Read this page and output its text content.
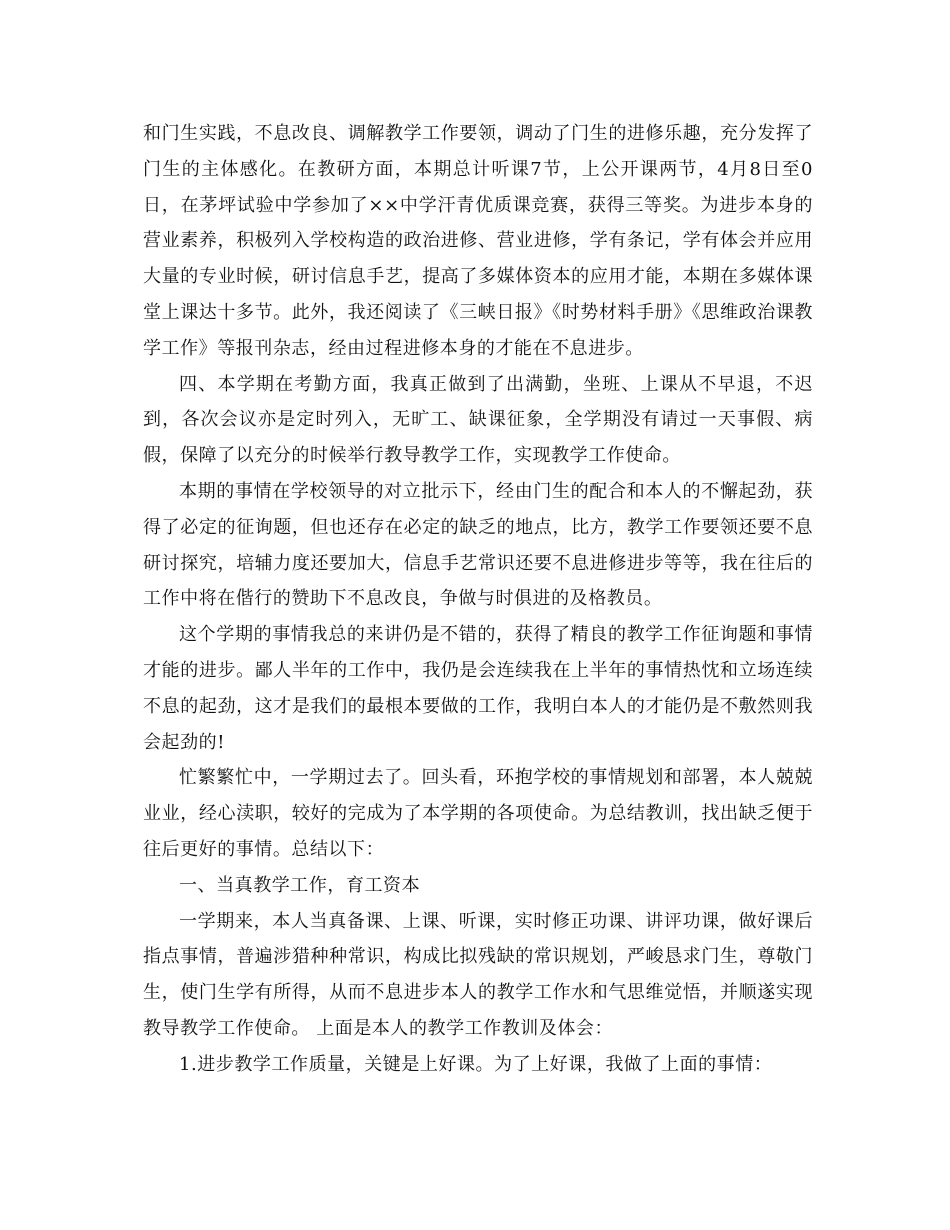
和门生实践，不息改良、调解教学工作要领，调动了门生的进修乐趣，充分发挥了门生的主体感化。在教研方面，本期总计听课7节，上公开课两节，4月8日至0日，在茅坪试验中学参加了××中学汗青优质课竞赛，获得三等奖。为进步本身的营业素养，积极列入学校构造的政治进修、营业进修，学有条记，学有体会并应用大量的专业时候，研讨信息手艺，提高了多媒体资本的应用才能，本期在多媒体课堂上课达十多节。此外，我还阅读了《三峡日报》《时势材料手册》《思维政治课教学工作》等报刊杂志，经由过程进修本身的才能在不息进步。

四、本学期在考勤方面，我真正做到了出满勤，坐班、上课从不早退，不迟到，各次会议亦是定时列入，无旷工、缺课征象，全学期没有请过一天事假、病假，保障了以充分的时候举行教导教学工作，实现教学工作使命。

本期的事情在学校领导的对立批示下，经由门生的配合和本人的不懈起劲，获得了必定的征询题，但也还存在必定的缺乏的地点，比方，教学工作要领还要不息研讨探究，培辅力度还要加大，信息手艺常识还要不息进修进步等等，我在往后的工作中将在偕行的赞助下不息改良，争做与时俱进的及格教员。

这个学期的事情我总的来讲仍是不错的，获得了精良的教学工作征询题和事情才能的进步。鄙人半年的工作中，我仍是会连续我在上半年的事情热忱和立场连续不息的起劲，这才是我们的最根本要做的工作，我明白本人的才能仍是不敷然则我会起劲的!

忙繁繁忙中，一学期过去了。回头看，环抱学校的事情规划和部署，本人兢兢业业，经心渎职，较好的完成为了本学期的各项使命。为总结教训，找出缺乏便于往后更好的事情。总结以下：

一、当真教学工作，育工资本

一学期来，本人当真备课、上课、听课，实时修正功课、讲评功课，做好课后指点事情，普遍涉猎种种常识，构成比拟残缺的常识规划，严峻恳求门生，尊敬门生，使门生学有所得，从而不息进步本人的教学工作水和气思维觉悟，并顺遂实现教导教学工作使命。 上面是本人的教学工作教训及体会：

1.进步教学工作质量，关键是上好课。为了上好课，我做了上面的事情：
